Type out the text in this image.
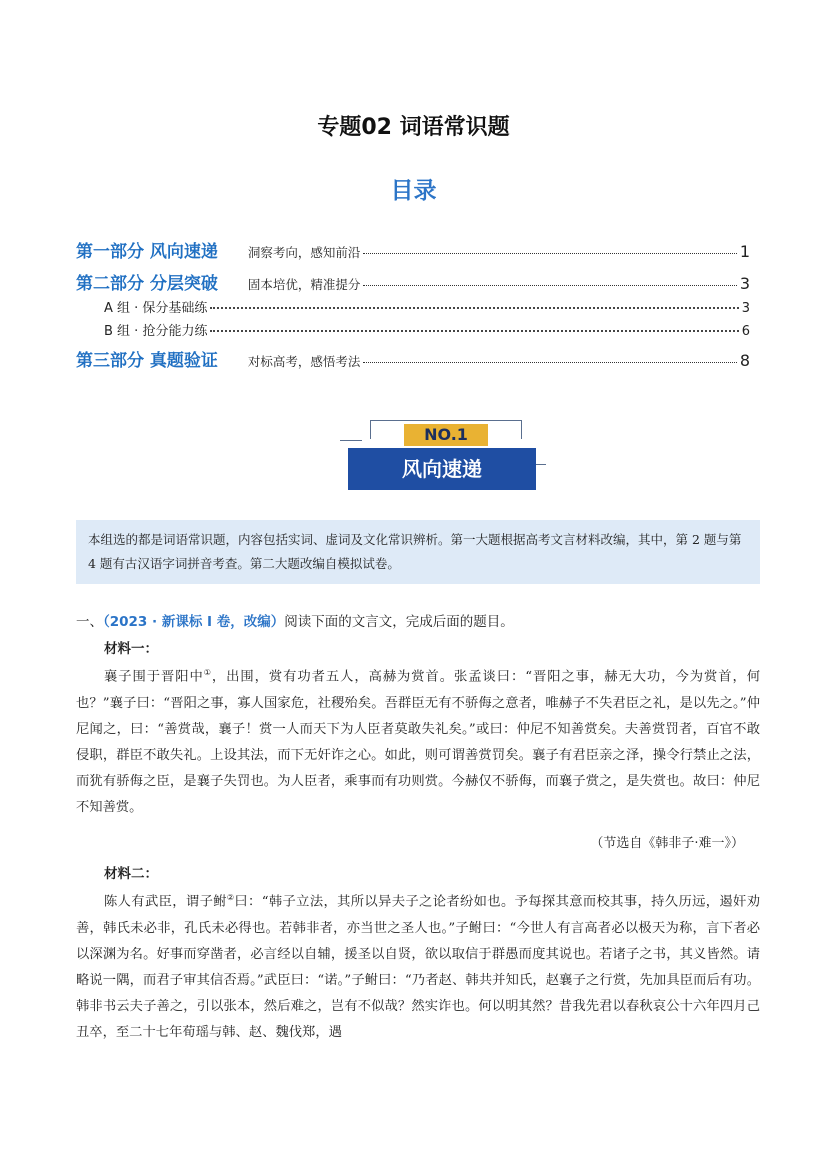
专题02 词语常识题
目录
第一部分 风向速递 洞察考向，感知前沿	1
第二部分 分层突破 固本培优，精准提分	3
A 组 · 保分基础练	3
B 组 · 抢分能力练	6
第三部分 真题验证 对标高考，感悟考法	8
NO.1
风向速递
本组选的都是词语常识题，内容包括实词、虚词及文化常识辨析。第一大题根据高考文言材料改编，其中，第 2 题与第 4 题有古汉语字词拼音考查。第二大题改编自模拟试卷。
一、（2023 · 新课标 I 卷，改编）阅读下面的文言文，完成后面的题目。
材料一：

襄子围于晋阳中①，出围，赏有功者五人，高赫为赏首。张孟谈曰：“晋阳之事，赫无大功，今为赏首，何也？”襄子曰：“晋阳之事，寡人国家危，社稷殆矣。吾群臣无有不骄侮之意者，唯赫子不失君臣之礼，是以先之。”仲尼闻之，曰：“善赏哉，襄子！赏一人而天下为人臣者莫敢失礼矣。”或曰：仲尼不知善赏矣。夫善赏罚者，百官不敢侵职，群臣不敢失礼。上设其法，而下无奸诈之心。如此，则可谓善赏罚矣。襄子有君臣亲之泽，操令行禁止之法，而犹有骄侮之臣，是襄子失罚也。为人臣者，乘事而有功则赏。今赫仅不骄侮，而襄子赏之，是失赏也。故曰：仲尼不知善赏。

（节选自《韩非子·难一》）
材料二：

陈人有武臣，谓子鲋②曰：“韩子立法，其所以异夫子之论者纷如也。予每探其意而校其事，持久历远，遏奸劝善，韩氏未必非，孔氏未必得也。若韩非者，亦当世之圣人也。”子鲋曰：“今世人有言高者必以极天为称，言下者必以深渊为名。好事而穿凿者，必言经以自辅，援圣以自贤，欲以取信于群愚而度其说也。若诸子之书，其义皆然。请略说一隅，而君子审其信否焉。”武臣曰：“诺。”子鲋曰：“乃者赵、韩共并知氏，赵襄子之行赏，先加具臣而后有功。韩非书云夫子善之，引以张本，然后难之，岂有不似哉？然实诈也。何以明其然？昔我先君以春秋哀公十六年四月己丑卒，至二十七年荀瑶与韩、赵、魏伐郑，遇
